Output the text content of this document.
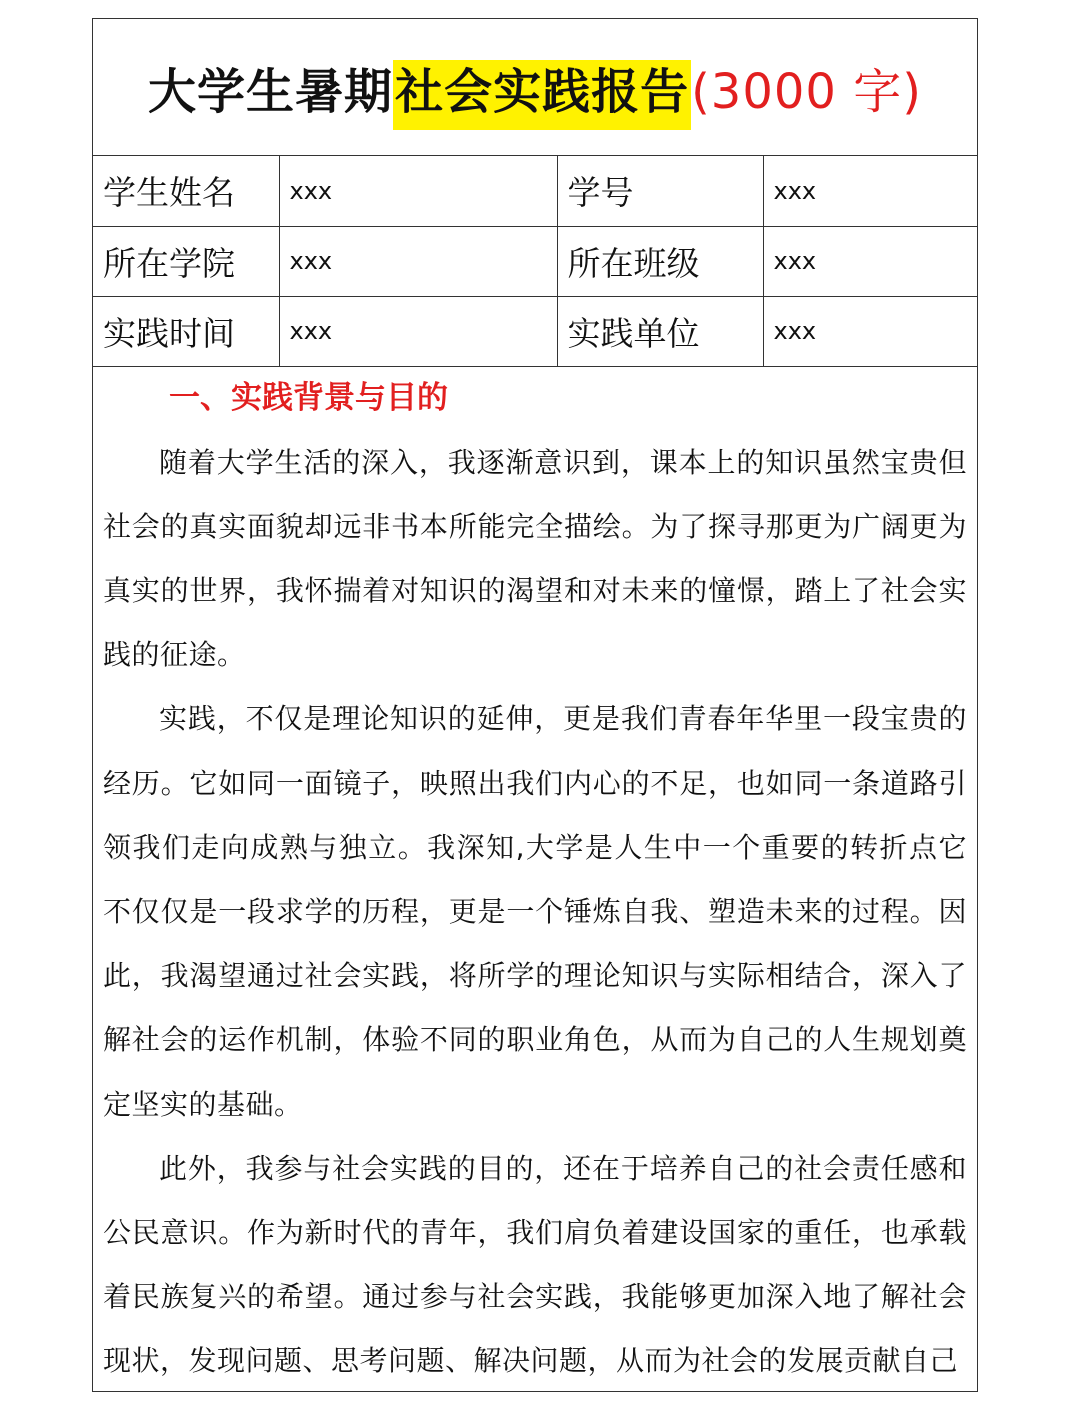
大学生暑期社会实践报告(3000 字)
学生姓名	xxx	学号	xxx
所在学院	xxx	所在班级	xxx
实践时间	xxx	实践单位	xxx
一、实践背景与目的

随着大学生活的深入，我逐渐意识到，课本上的知识虽然宝贵但社会的真实面貌却远非书本所能完全描绘。为了探寻那更为广阔更为真实的世界，我怀揣着对知识的渴望和对未来的憧憬，踏上了社会实践的征途。

实践，不仅是理论知识的延伸，更是我们青春年华里一段宝贵的经历。它如同一面镜子，映照出我们内心的不足，也如同一条道路引领我们走向成熟与独立。我深知,大学是人生中一个重要的转折点它不仅仅是一段求学的历程，更是一个锤炼自我、塑造未来的过程。因此，我渴望通过社会实践，将所学的理论知识与实际相结合，深入了解社会的运作机制，体验不同的职业角色，从而为自己的人生规划奠定坚实的基础。

此外，我参与社会实践的目的，还在于培养自己的社会责任感和公民意识。作为新时代的青年，我们肩负着建设国家的重任，也承载着民族复兴的希望。通过参与社会实践，我能够更加深入地了解社会现状，发现问题、思考问题、解决问题，从而为社会的发展贡献自己
